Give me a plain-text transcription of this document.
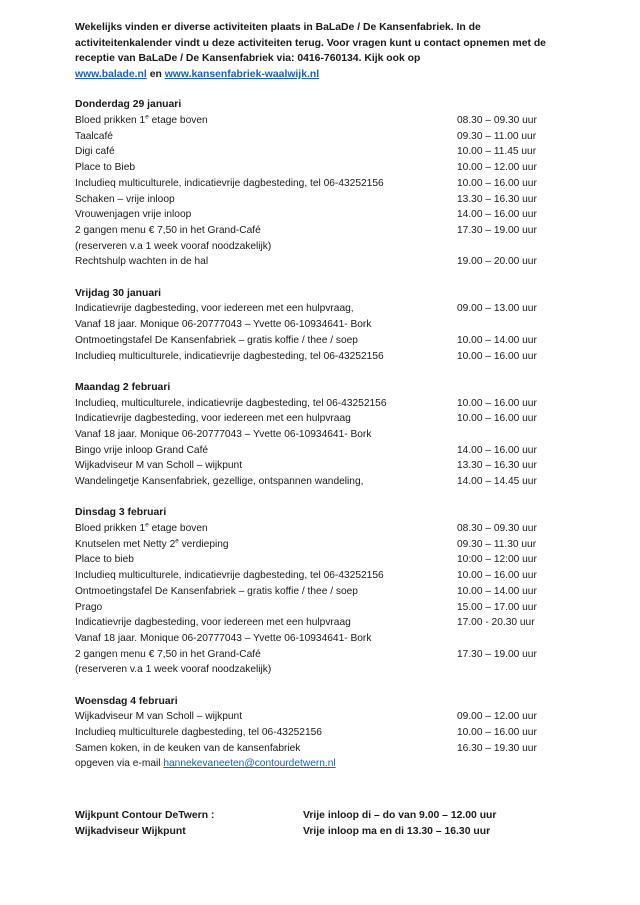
Wekelijks vinden er diverse activiteiten plaats in BaLaDe / De Kansenfabriek. In de activiteitenkalender vindt u deze activiteiten terug. Voor vragen kunt u contact opnemen met de receptie van BaLaDe / De Kansenfabriek via: 0416-760134. Kijk ook op www.balade.nl en www.kansenfabriek-waalwijk.nl

Donderdag 29 januari
Bloed prikken 1e etage boven	08.30 – 09.30 uur
Taalcafé	09.30 – 11.00 uur
Digi café	10.00 – 11.45 uur
Place to Bieb	10.00 – 12.00 uur
Includieq multiculturele, indicatievrije dagbesteding, tel 06-43252156	10.00 – 16.00 uur
Schaken – vrije inloop	13.30 – 16.30 uur
Vrouwenjagen vrije inloop	14.00 – 16.00 uur
2 gangen menu € 7,50 in het Grand-Café	17.30 – 19.00 uur
(reserveren v.a 1 week vooraf noodzakelijk)
Rechtshulp wachten in de hal	19.00 – 20.00 uur
Vrijdag 30 januari
Indicatievrije dagbesteding, voor iedereen met een hulpvraag,	09.00 – 13.00 uur
Vanaf 18 jaar. Monique 06-20777043 – Yvette 06-10934641- Bork
Ontmoetingstafel De Kansenfabriek – gratis koffie / thee / soep	10.00 – 14.00 uur
Includieq multiculturele, indicatievrije dagbesteding, tel 06-43252156	10.00 – 16.00 uur
Maandag 2 februari
Includieq, multiculturele, indicatievrije dagbesteding, tel 06-43252156	10.00 – 16.00 uur
Indicatievrije dagbesteding, voor iedereen met een hulpvraag	10.00 – 16.00 uur
Vanaf 18 jaar. Monique 06-20777043 – Yvette 06-10934641- Bork
Bingo vrije inloop Grand Café	14.00 – 16.00 uur
Wijkadviseur M van Scholl – wijkpunt	13.30 – 16.30 uur
Wandelingetje Kansenfabriek, gezellige, ontspannen wandeling,	14.00 – 14.45 uur
Dinsdag 3 februari
Bloed prikken 1e etage boven	08.30 – 09.30 uur
Knutselen met Netty 2e verdieping	09.30 – 11.30 uur
Place to bieb	10:00 – 12:00 uur
Includieq multiculturele, indicatievrije dagbesteding, tel 06-43252156	10.00 – 16.00 uur
Ontmoetingstafel De Kansenfabriek – gratis koffie / thee / soep	10.00 – 14.00 uur
Prago	15.00 – 17.00 uur
Indicatievrije dagbesteding, voor iedereen met een hulpvraag	17.00 - 20.30 uur
Vanaf 18 jaar. Monique 06-20777043 – Yvette 06-10934641- Bork
2 gangen menu € 7,50 in het Grand-Café	17.30 – 19.00 uur
(reserveren v.a 1 week vooraf noodzakelijk)
Woensdag 4 februari
Wijkadviseur M van Scholl – wijkpunt	09.00 – 12.00 uur
Includieq multiculturele dagbesteding, tel 06-43252156	10.00 – 16.00 uur
Samen koken, in de keuken van de kansenfabriek	16.30 – 19.30 uur
opgeven via e-mail hannekevaneeten@contourdetwern.nl
Wijkpunt Contour DeTwern :	Vrije inloop di – do van 9.00 – 12.00 uur
Wijkadviseur Wijkpunt	Vrije inloop ma en di 13.30 – 16.30 uur
